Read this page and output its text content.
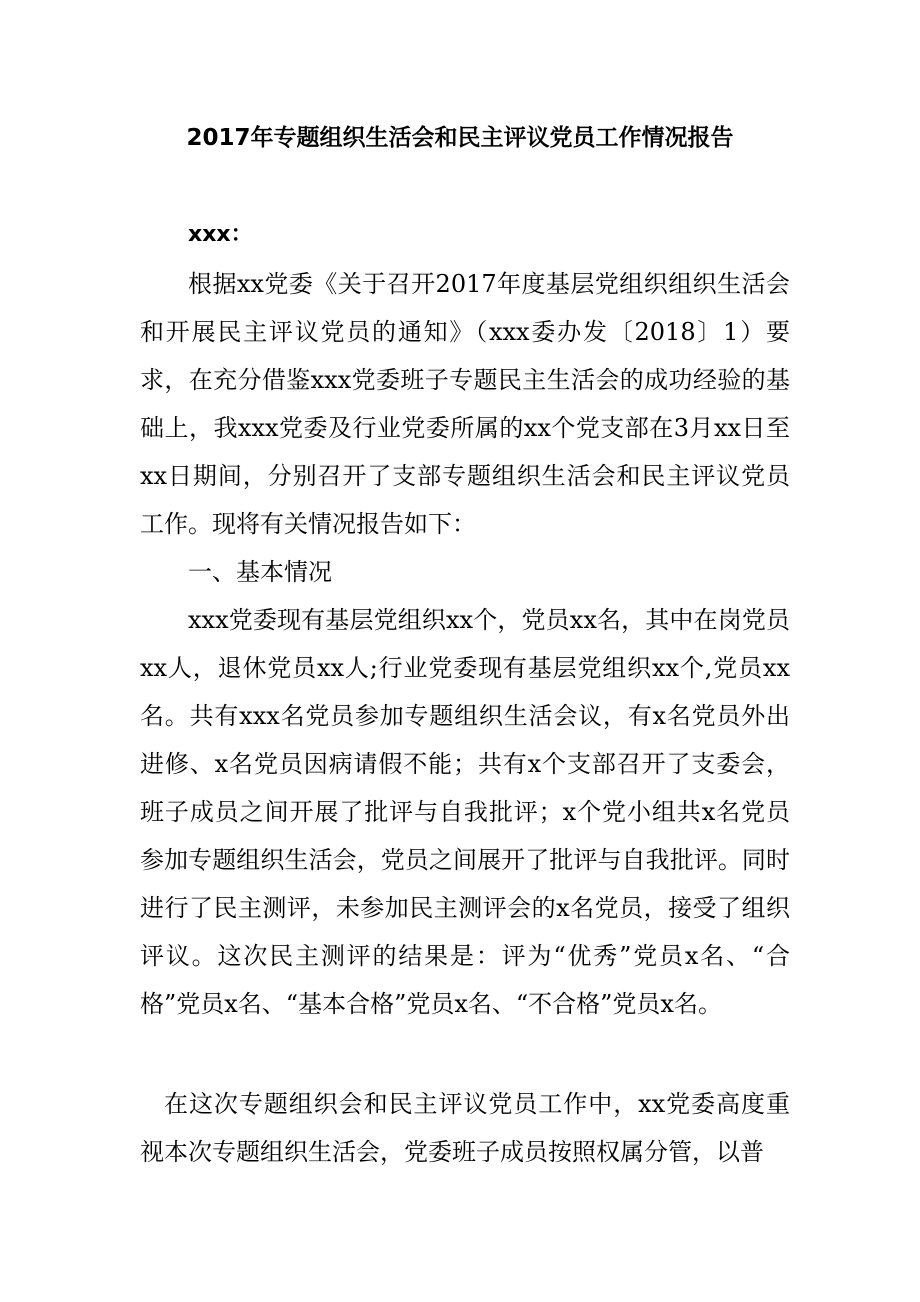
2017年专题组织生活会和民主评议党员工作情况报告
xxx：
根据xx党委《关于召开2017年度基层党组织组织生活会和开展民主评议党员的通知》（xxx委办发〔2018〕1）要求，在充分借鉴xxx党委班子专题民主生活会的成功经验的基础上，我xxx党委及行业党委所属的xx个党支部在3月xx日至xx日期间，分别召开了支部专题组织生活会和民主评议党员工作。现将有关情况报告如下：
一、基本情况
xxx党委现有基层党组织xx个，党员xx名，其中在岗党员xx人，退休党员xx人;行业党委现有基层党组织xx个,党员xx名。共有xxx名党员参加专题组织生活会议，有x名党员外出进修、x名党员因病请假不能；共有x个支部召开了支委会，班子成员之间开展了批评与自我批评；x个党小组共x名党员参加专题组织生活会，党员之间展开了批评与自我批评。同时进行了民主测评，未参加民主测评会的x名党员，接受了组织评议。这次民主测评的结果是：评为“优秀”党员x名、“合格”党员x名、“基本合格”党员x名、“不合格”党员x名。
在这次专题组织会和民主评议党员工作中，xx党委高度重视本次专题组织生活会，党委班子成员按照权属分管，以普
